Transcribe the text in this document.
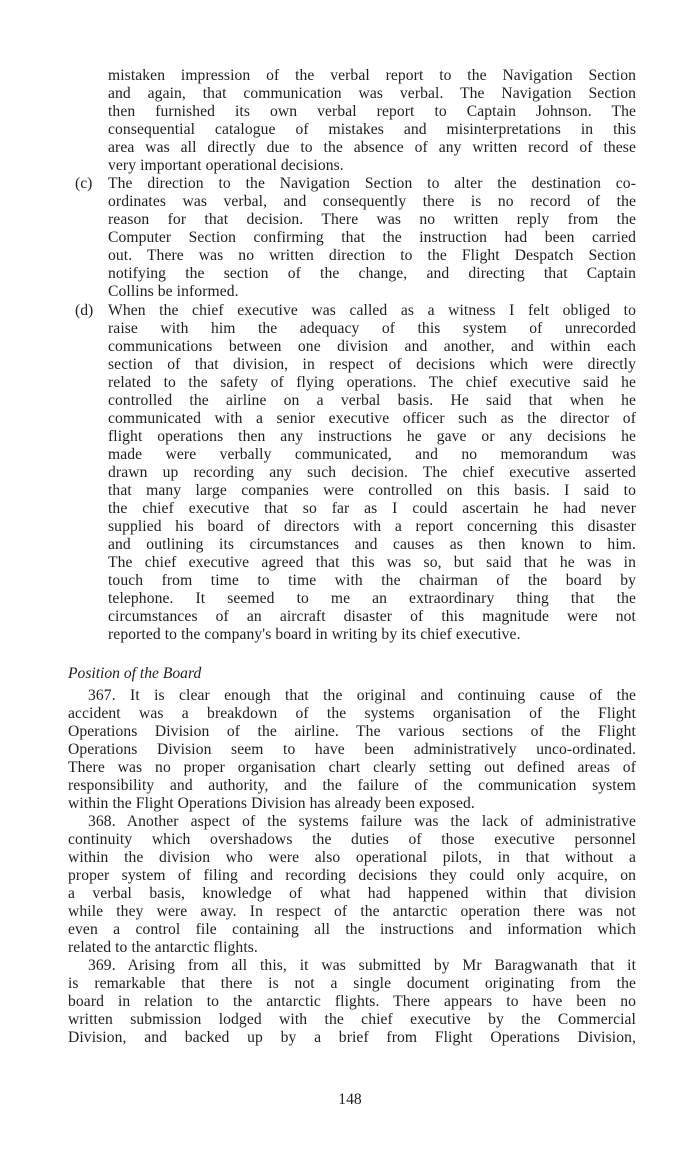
mistaken impression of the verbal report to the Navigation Section
and again, that communication was verbal. The Navigation Section
then furnished its own verbal report to Captain Johnson. The
consequential catalogue of mistakes and misinterpretations in this
area was all directly due to the absence of any written record of these
very important operational decisions.
(c) The direction to the Navigation Section to alter the destination co-
ordinates was verbal, and consequently there is no record of the
reason for that decision. There was no written reply from the
Computer Section confirming that the instruction had been carried
out. There was no written direction to the Flight Despatch Section
notifying the section of the change, and directing that Captain
Collins be informed.
(d) When the chief executive was called as a witness I felt obliged to
raise with him the adequacy of this system of unrecorded
communications between one division and another, and within each
section of that division, in respect of decisions which were directly
related to the safety of flying operations. The chief executive said he
controlled the airline on a verbal basis. He said that when he
communicated with a senior executive officer such as the director of
flight operations then any instructions he gave or any decisions he
made were verbally communicated, and no memorandum was
drawn up recording any such decision. The chief executive asserted
that many large companies were controlled on this basis. I said to
the chief executive that so far as I could ascertain he had never
supplied his board of directors with a report concerning this disaster
and outlining its circumstances and causes as then known to him.
The chief executive agreed that this was so, but said that he was in
touch from time to time with the chairman of the board by
telephone. It seemed to me an extraordinary thing that the
circumstances of an aircraft disaster of this magnitude were not
reported to the company's board in writing by its chief executive.
Position of the Board
367. It is clear enough that the original and continuing cause of the
accident was a breakdown of the systems organisation of the Flight
Operations Division of the airline. The various sections of the Flight
Operations Division seem to have been administratively unco-ordinated.
There was no proper organisation chart clearly setting out defined areas of
responsibility and authority, and the failure of the communication system
within the Flight Operations Division has already been exposed.
368. Another aspect of the systems failure was the lack of administrative
continuity which overshadows the duties of those executive personnel
within the division who were also operational pilots, in that without a
proper system of filing and recording decisions they could only acquire, on
a verbal basis, knowledge of what had happened within that division
while they were away. In respect of the antarctic operation there was not
even a control file containing all the instructions and information which
related to the antarctic flights.
369. Arising from all this, it was submitted by Mr Baragwanath that it
is remarkable that there is not a single document originating from the
board in relation to the antarctic flights. There appears to have been no
written submission lodged with the chief executive by the Commercial
Division, and backed up by a brief from Flight Operations Division,
148
